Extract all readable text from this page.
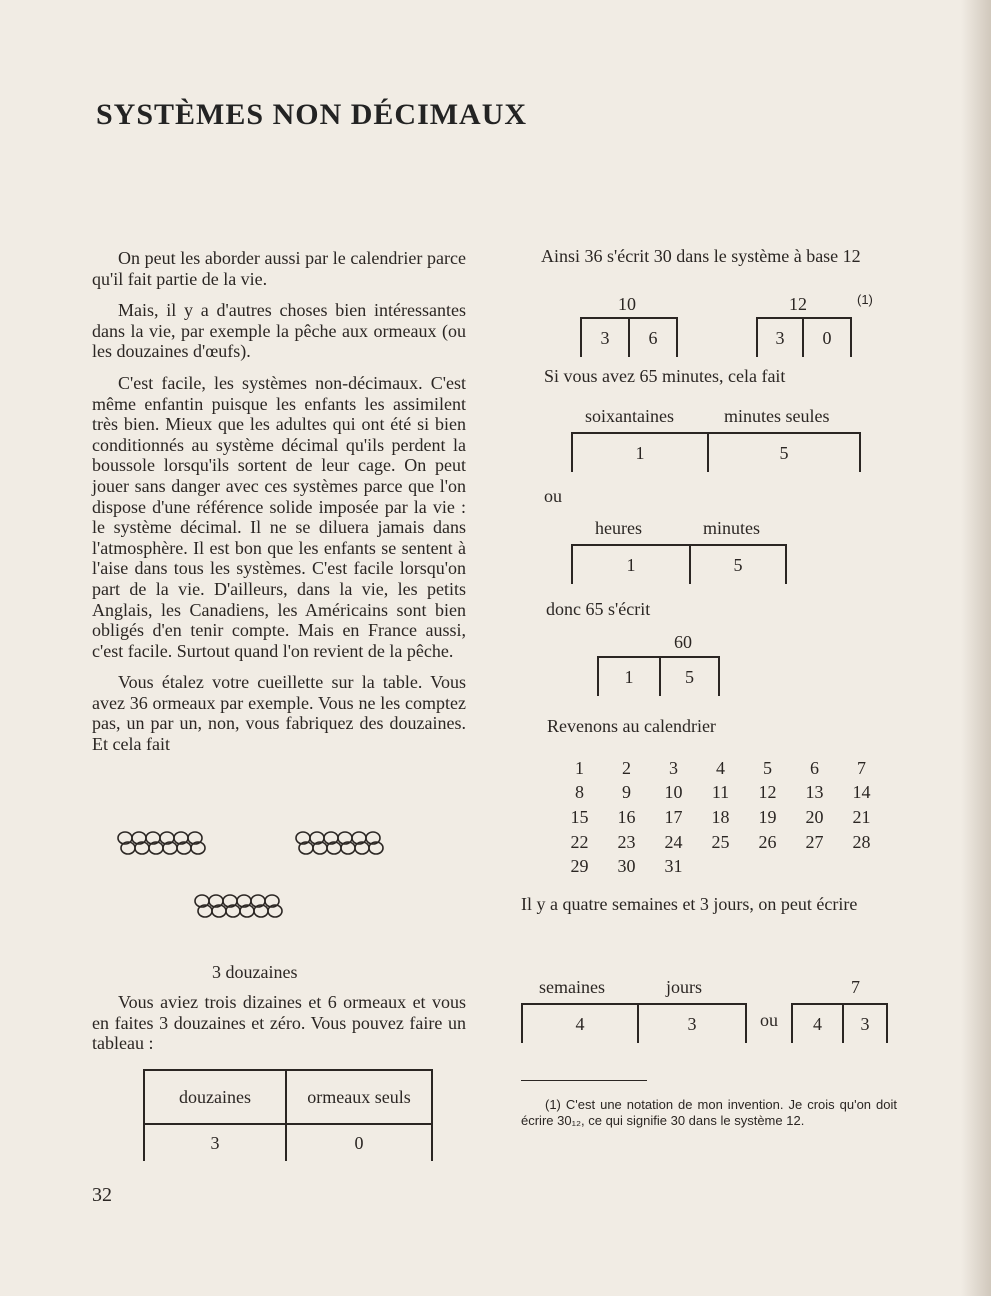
SYSTÈMES NON DÉCIMAUX

On peut les aborder aussi par le calendrier parce qu'il fait partie de la vie.

Mais, il y a d'autres choses bien intéressantes dans la vie, par exemple la pêche aux ormeaux (ou les douzaines d'œufs).

C'est facile, les systèmes non-décimaux. C'est même enfantin puisque les enfants les assimilent très bien. Mieux que les adultes qui ont été si bien conditionnés au système décimal qu'ils perdent la boussole lorsqu'ils sortent de leur cage. On peut jouer sans danger avec ces systèmes parce que l'on dispose d'une référence solide imposée par la vie : le système décimal. Il ne se diluera jamais dans l'atmosphère. Il est bon que les enfants se sentent à l'aise dans tous les systèmes. C'est facile lorsqu'on part de la vie. D'ailleurs, dans la vie, les petits Anglais, les Canadiens, les Américains sont bien obligés d'en tenir compte. Mais en France aussi, c'est facile. Surtout quand l'on revient de la pêche.

Vous étalez votre cueillette sur la table. Vous avez 36 ormeaux par exemple. Vous ne les comptez pas, un par un, non, vous fabriquez des douzaines. Et cela fait

3 douzaines

Vous aviez trois dizaines et 6 ormeaux et vous en faites 3 douzaines et zéro. Vous pouvez faire un tableau :

douzaines	ormeaux seuls
3	0
32
Ainsi 36 s'écrit 30 dans le système à base 12
10
3	6
12	(1)
3	0
Si vous avez 65 minutes, cela fait
soixantaines	minutes seules
1	5
ou
heures	minutes
1	5
donc 65 s'écrit
60
1	5
Revenons au calendrier
1	2	3	4	5	6	7
8	9	10	11	12	13	14
15	16	17	18	19	20	21
22	23	24	25	26	27	28
29	30	31				

Il y a quatre semaines et 3 jours, on peut écrire

semaines	jours
4	3	ou
7
4	3

(1) C'est une notation de mon invention. Je crois qu'on doit écrire 30₁₂, ce qui signifie 30 dans le système 12.
